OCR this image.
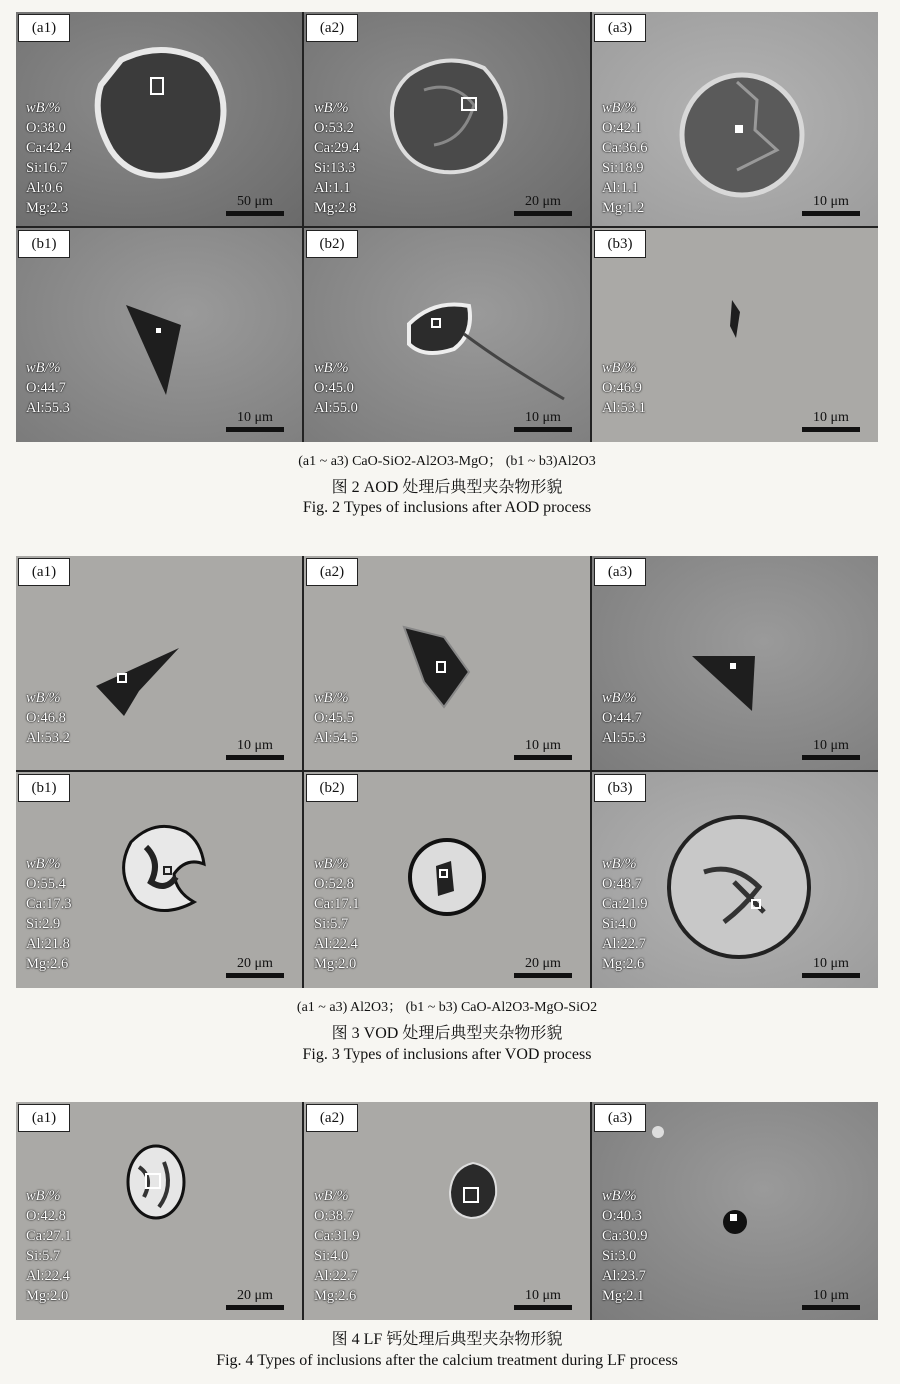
(a1)
wB/%
O:38.0
Ca:42.4
Si:16.7
Al:0.6
Mg:2.3	50 μm
(a2)
wB/%
O:53.2
Ca:29.4
Si:13.3
Al:1.1
Mg:2.8	20 μm
(a3)
wB/%
O:42.1
Ca:36.6
Si:18.9
Al:1.1
Mg:1.2	10 μm
(b1)
wB/%
O:44.7
Al:55.3
10 μm
(b2)
wB/%
O:45.0
Al:55.0
10 μm
(b3)
wB/%
O:46.9
Al:53.1
10 μm
(a1 ~ a3) CaO-SiO2-Al2O3-MgO； (b1 ~ b3)Al2O3
图 2 AOD 处理后典型夹杂物形貌
Fig. 2 Types of inclusions after AOD process
(a1)
wB/%
O:46.8
Al:53.2	10 μm
(a2)
wB/%
O:45.5
Al:54.5	10 μm
(a3)
wB/%
O:44.7
Al:55.3	10 μm
(b1)
wB/%
O:55.4
Ca:17.3
Si:2.9
Al:21.8
Mg:2.6	20 μm
(b2)
wB/%
O:52.8
Ca:17.1
Si:5.7
Al:22.4
Mg:2.0	20 μm
(b3)
wB/%
O:48.7
Ca:21.9
Si:4.0
Al:22.7
Mg:2.6	10 μm
(a1 ~ a3) Al2O3； (b1 ~ b3) CaO-Al2O3-MgO-SiO2
图 3 VOD 处理后典型夹杂物形貌
Fig. 3 Types of inclusions after VOD process
(a1)
wB/%
O:42.8
Ca:27.1
Si:5.7
Al:22.4
Mg:2.0	20 μm
(a2)
wB/%
O:38.7
Ca:31.9
Si:4.0
Al:22.7
Mg:2.6	10 μm
(a3)
wB/%
O:40.3
Ca:30.9
Si:3.0
Al:23.7
Mg:2.1	10 μm
图 4 LF 钙处理后典型夹杂物形貌
Fig. 4 Types of inclusions after the calcium treatment during LF process
